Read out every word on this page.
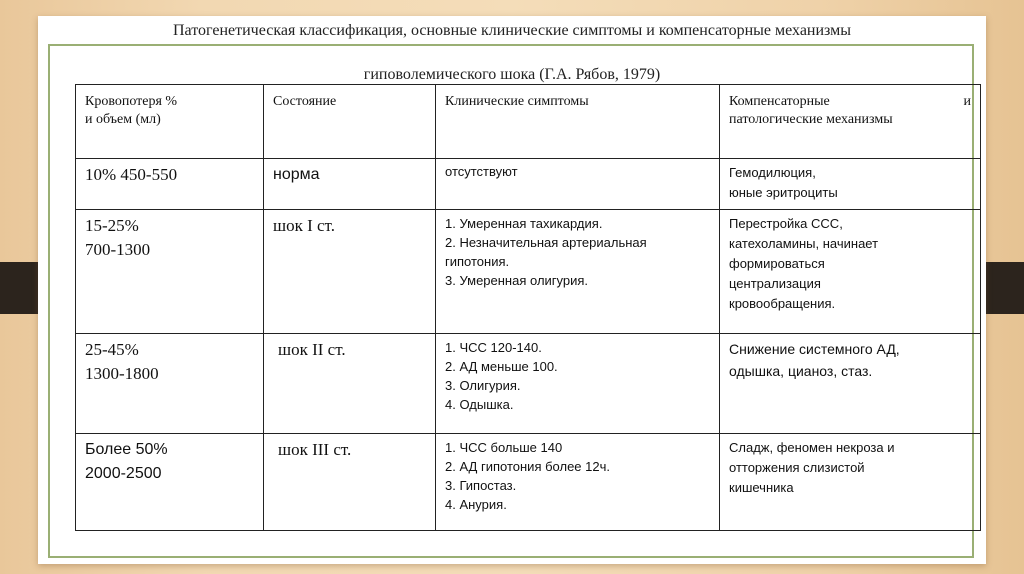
Патогенетическая классификация, основные клинические симптомы и компенсаторные механизмы
гиповолемического шока (Г.А. Рябов, 1979)
Кровопотеря %
и объем (мл)	Состояние	Клинические симптомы	Компенсаторные и
патологические механизмы

10% 450-550	норма	отсутствуют	Гемодилюция,
юные эритроциты

15-25%
700-1300	шок I ст.	1. Умеренная тахикардия.
2. Незначительная артериальная
гипотония.
3. Умеренная олигурия.	Перестройка ССС,
катехоламины, начинает
формироваться
централизация
кровообращения.

25-45%
1300-1800	шок II ст.	1. ЧСС 120-140.
2. АД меньше 100.
3. Олигурия.
4. Одышка.	Снижение системного АД,
одышка, цианоз, стаз.

Более 50%
2000-2500	шок III ст.	1. ЧСС больше 140
2. АД гипотония более 12ч.
3. Гипостаз.
4. Анурия.	Сладж, феномен некроза и
отторжения слизистой
кишечника
